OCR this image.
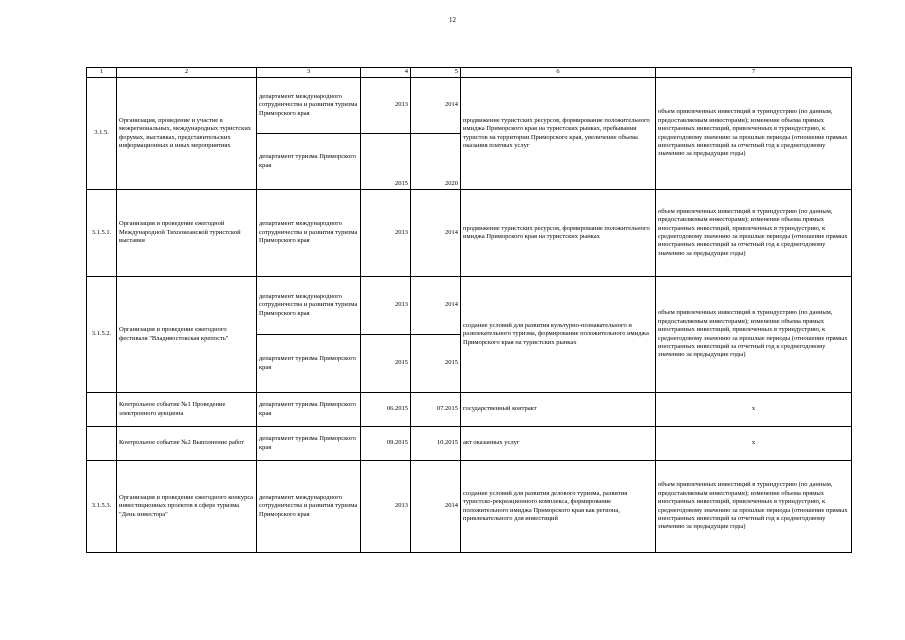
12
1	2	3	4	5	6	7
3.1.5.	Организация, проведение и участие в межрегиональных, международных туристских форумах, выставках, представительских информационных и иных мероприятиях	департамент международного сотрудничества и развития туризма Приморского края	2013	2014	продвижение туристских ресурсов, формирование положительного имиджа Приморского края на туристских рынках, пребывания туристов на территории Приморского края, увеличение объема оказания платных услуг	объем привлеченных инвестиций в туриндустрию (по данным, предоставляемым инвесторами); изменение объема прямых иностранных инвестиций, привлеченных в туриндустрию, к среднегодовому значению за прошлые периоды (отношение прямых иностранных инвестиций за отчетный год к среднегодовому значению за предыдущие годы)
		департамент туризма Приморского края	2015	2020		
3.1.5.1.	Организация и проведение ежегодной Международной Тихоокеанской туристской выставки	департамент международного сотрудничества и развития туризма Приморского края	2013	2014	продвижение туристских ресурсов, формирование положительного имиджа Приморского края на туристских рынках	объем привлеченных инвестиций в туриндустрию (по данным, предоставляемым инвесторами); изменение объема прямых иностранных инвестиций, привлеченных в туриндустрию, к среднегодовому значению за прошлые периоды (отношение прямых иностранных инвестиций за отчетный год к среднегодовому значению за предыдущие годы)
3.1.5.2.	Организация и проведение ежегодного фестиваля "Владивостокская крепость"	департамент международного сотрудничества и развития туризма Приморского края	2013	2014	создание условий для развития культурно-познавательного и развлекательного туризма, формирование положительного имиджа Приморского края на туристских рынках	объем привлеченных инвестиций в туриндустрию (по данным, предоставляемым инвесторами); изменение объема прямых иностранных инвестиций, привлеченных в туриндустрию, к среднегодовому значению за прошлые периоды (отношение прямых иностранных инвестиций за отчетный год к среднегодовому значению за предыдущие годы)
		департамент туризма Приморского края	2015	2015		
	Контрольное событие №1 Проведение электронного аукциона	департамент туризма Приморского края	06.2015	07.2015	государственный контракт	х
	Контрольное событие №2 Выполнение работ	департамент туризма Приморского края	09.2015	10.2015	акт оказанных услуг	х
3.1.5.3.	Организация и проведение ежегодного конкурса инвестиционных проектов в сфере туризма "День инвестора"	департамент международного сотрудничества и развития туризма Приморского края	2013	2014	создание условий для развития делового туризма, развития туристско-рекреационного комплекса, формирование положительного имиджа Приморского края как региона, привлекательного для инвестиций	объем привлеченных инвестиций в туриндустрию (по данным, предоставляемым инвесторами); изменение объема прямых иностранных инвестиций, привлеченных в туриндустрию, к среднегодовому значению за прошлые периоды (отношение прямых иностранных инвестиций за отчетный год к среднегодовому значению за предыдущие годы)
